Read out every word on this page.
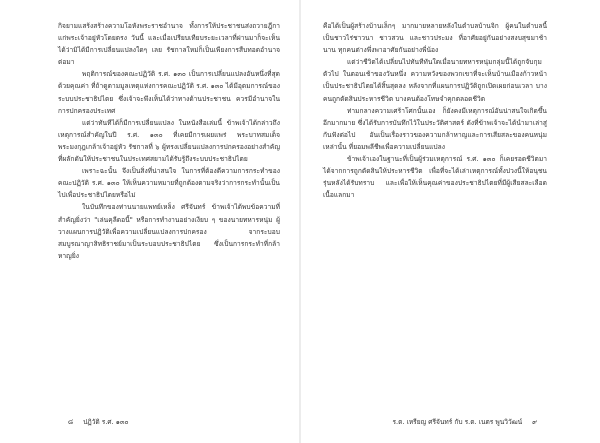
กิจยามแสร้งสร้างความโอหังพระราชอำนาจ ทั้งการให้ประชาชนส่งถวายฎีกาแก่พระเจ้าอยู่หัวโดยตรง วันนี้ และเมื่อเปรียบเทียบระยะเวลาที่ผ่านมาก็จะเห็นได้ว่ามิได้มีการเปลี่ยนแปลงใดๆ เลย รัชกาลใหม่ก็เป็นเพียงการสืบทอดอำนาจต่อมา

พฤติการณ์ของคณะปฏิวัติ ร.ศ. ๑๓๐ เป็นการเปลี่ยนแปลงอันหนึ่งที่สุดด้วยคุณค่า ที่ถ้าดูตามมูลเหตุแห่งการคณะปฏิวัติ ร.ศ. ๑๓๐ ได้มีอุดมการณ์ของระบบประชาธิปไตย ซึ่งเจ้าจะพึงเห็นได้ว่าทางด้านประชาชน ควรมีอำนาจในการปกครองประเทศ

แต่ว่าทันทีได้ก็มีการเปลี่ยนแปลง ในหนังสือเล่มนี้ ข้าพเจ้าได้กล่าวถึงเหตุการณ์สำคัญในปี ร.ศ. ๑๓๐ ที่เคยมีการเผยแพร่ พระบาทสมเด็จพระมงกุฎเกล้าเจ้าอยู่หัว รัชกาลที่ ๖ ผู้ทรงเปลี่ยนแปลงการปกครองอย่างสำคัญ ที่ผลักดันให้ประชาชนในประเทศสยามได้รับรู้ถึงระบบประชาธิปไตย

เพราะฉะนั้น จึงเป็นสิ่งที่น่าสนใจ ในการที่ต้องตีความการกระทำของคณะปฏิวัติ ร.ศ. ๑๓๐ ให้เห็นความหมายที่ถูกต้องตามจริงว่าการกระทำนั้นเป็นไปเพื่อประชาธิปไตยหรือไม่

ในบันทึกของท่านนายแพทย์เหล็ง ศรีจันทร์ ข้าพเจ้าได้พบข้อความที่สำคัญยิ่งว่า "เล่นคุลีดอนี้" หรือการทำงานอย่างเงียบ ๆ ของนายทหารหนุ่ม ผู้วางแผนการปฏิวัติเพื่อความเปลี่ยนแปลงการปกครอง จากระบอบสมบูรณาญาสิทธิราชย์มาเป็นระบอบประชาธิปไตย ซึ่งเป็นการกระทำที่กล้าหาญยิ่ง

๘ ปฏิวัติ ร.ศ. ๑๓๐

คือได้เป็นผู้สร้างบ้านเล็กๆ มากมายหลายหลังในตำบลบ้านจิก ผู้คนในตำบลนี้เป็นชาวไร่ชาวนา ชาวสวน และชาวประมง ที่อาศัยอยู่กันอย่างสงบสุขมาช้านาน ทุกคนต่างพึ่งพาอาศัยกันอย่างพี่น้อง

แต่ว่าชีวิตได้เปลี่ยนไปทันทีทันใดเมื่อนายทหารหนุ่มกลุ่มนี้ได้ถูกจับกุมตัวไป ในตอนเช้าของวันหนึ่ง ความหวังของพวกเขาที่จะเห็นบ้านเมืองก้าวหน้าเป็นประชาธิปไตยได้สิ้นสุดลง หลังจากที่แผนการปฏิวัติถูกเปิดเผยก่อนเวลา บางคนถูกตัดสินประหารชีวิต บางคนต้องโทษจำคุกตลอดชีวิต

ท่ามกลางความเศร้าโศกนั้นเอง ก็ยังคงมีเหตุการณ์อันน่าสนใจเกิดขึ้นอีกมากมาย ซึ่งได้รับการบันทึกไว้ในประวัติศาสตร์ ดังที่ข้าพเจ้าจะได้นำมาเล่าสู่กันฟังต่อไป อันเป็นเรื่องราวของความกล้าหาญและการเสียสละของคนหนุ่มเหล่านั้น ที่ยอมพลีชีพเพื่อความเปลี่ยนแปลง

ข้าพเจ้าเองในฐานะที่เป็นผู้ร่วมเหตุการณ์ ร.ศ. ๑๓๐ ก็เคยรอดชีวิตมาได้จากการถูกตัดสินให้ประหารชีวิต เพื่อที่จะได้เล่าเหตุการณ์ทั้งปวงนี้ให้อนุชนรุ่นหลังได้รับทราบ และเพื่อให้เห็นคุณค่าของประชาธิปไตยที่มีผู้เสียสละเลือดเนื้อแลกมา

ร.ต. เหรียญ ศรีจันทร์ กับ ร.ต. เนตร พูนวิวัฒน์ ๙
